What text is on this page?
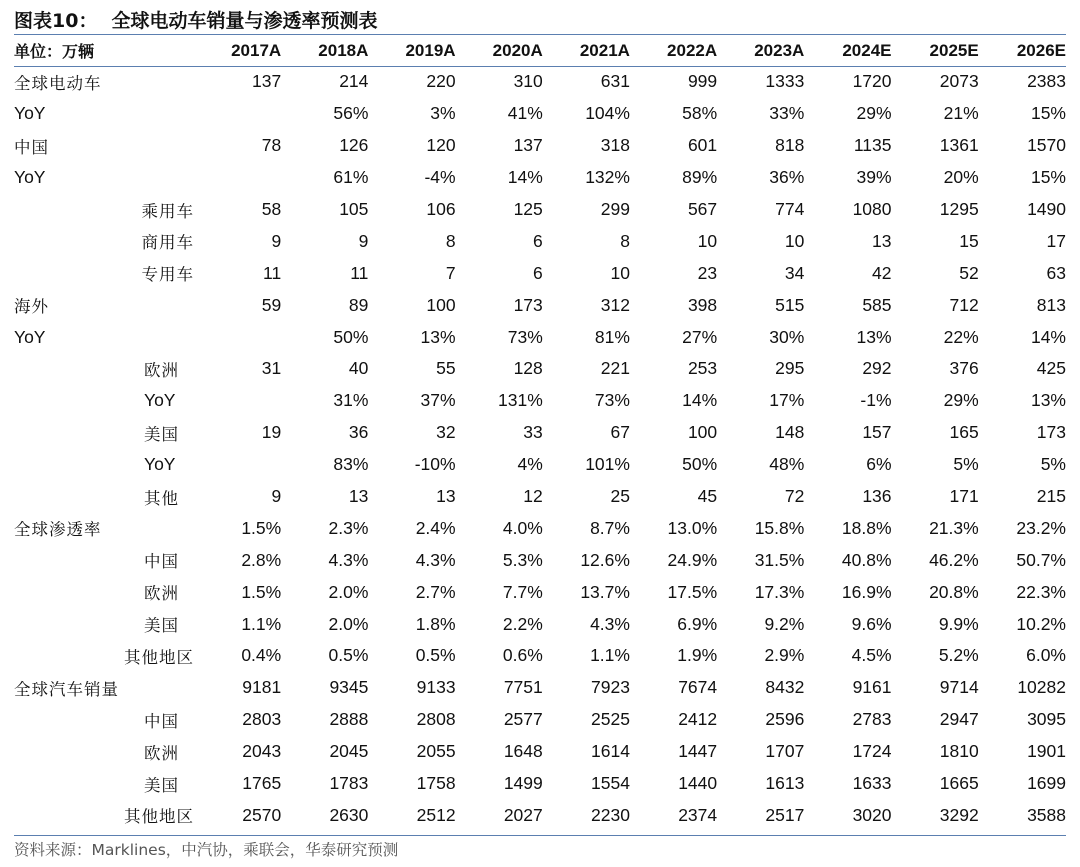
图表10： 全球电动车销量与渗透率预测表
单位：万辆	2017A	2018A	2019A	2020A	2021A	2022A	2023A	2024E	2025E	2026E
全球电动车	137	214	220	310	631	999	1333	1720	2073	2383
YoY		56%	3%	41%	104%	58%	33%	29%	21%	15%
中国	78	126	120	137	318	601	818	1135	1361	1570
YoY		61%	-4%	14%	132%	89%	36%	39%	20%	15%
乘用车	58	105	106	125	299	567	774	1080	1295	1490
商用车	9	9	8	6	8	10	10	13	15	17
专用车	11	11	7	6	10	23	34	42	52	63
海外	59	89	100	173	312	398	515	585	712	813
YoY		50%	13%	73%	81%	27%	30%	13%	22%	14%
欧洲	31	40	55	128	221	253	295	292	376	425
YoY		31%	37%	131%	73%	14%	17%	-1%	29%	13%
美国	19	36	32	33	67	100	148	157	165	173
YoY		83%	-10%	4%	101%	50%	48%	6%	5%	5%
其他	9	13	13	12	25	45	72	136	171	215
全球渗透率	1.5%	2.3%	2.4%	4.0%	8.7%	13.0%	15.8%	18.8%	21.3%	23.2%
中国	2.8%	4.3%	4.3%	5.3%	12.6%	24.9%	31.5%	40.8%	46.2%	50.7%
欧洲	1.5%	2.0%	2.7%	7.7%	13.7%	17.5%	17.3%	16.9%	20.8%	22.3%
美国	1.1%	2.0%	1.8%	2.2%	4.3%	6.9%	9.2%	9.6%	9.9%	10.2%
其他地区	0.4%	0.5%	0.5%	0.6%	1.1%	1.9%	2.9%	4.5%	5.2%	6.0%
全球汽车销量	9181	9345	9133	7751	7923	7674	8432	9161	9714	10282
中国	2803	2888	2808	2577	2525	2412	2596	2783	2947	3095
欧洲	2043	2045	2055	1648	1614	1447	1707	1724	1810	1901
美国	1765	1783	1758	1499	1554	1440	1613	1633	1665	1699
其他地区	2570	2630	2512	2027	2230	2374	2517	3020	3292	3588
资料来源：Marklines，中汽协，乘联会，华泰研究预测
